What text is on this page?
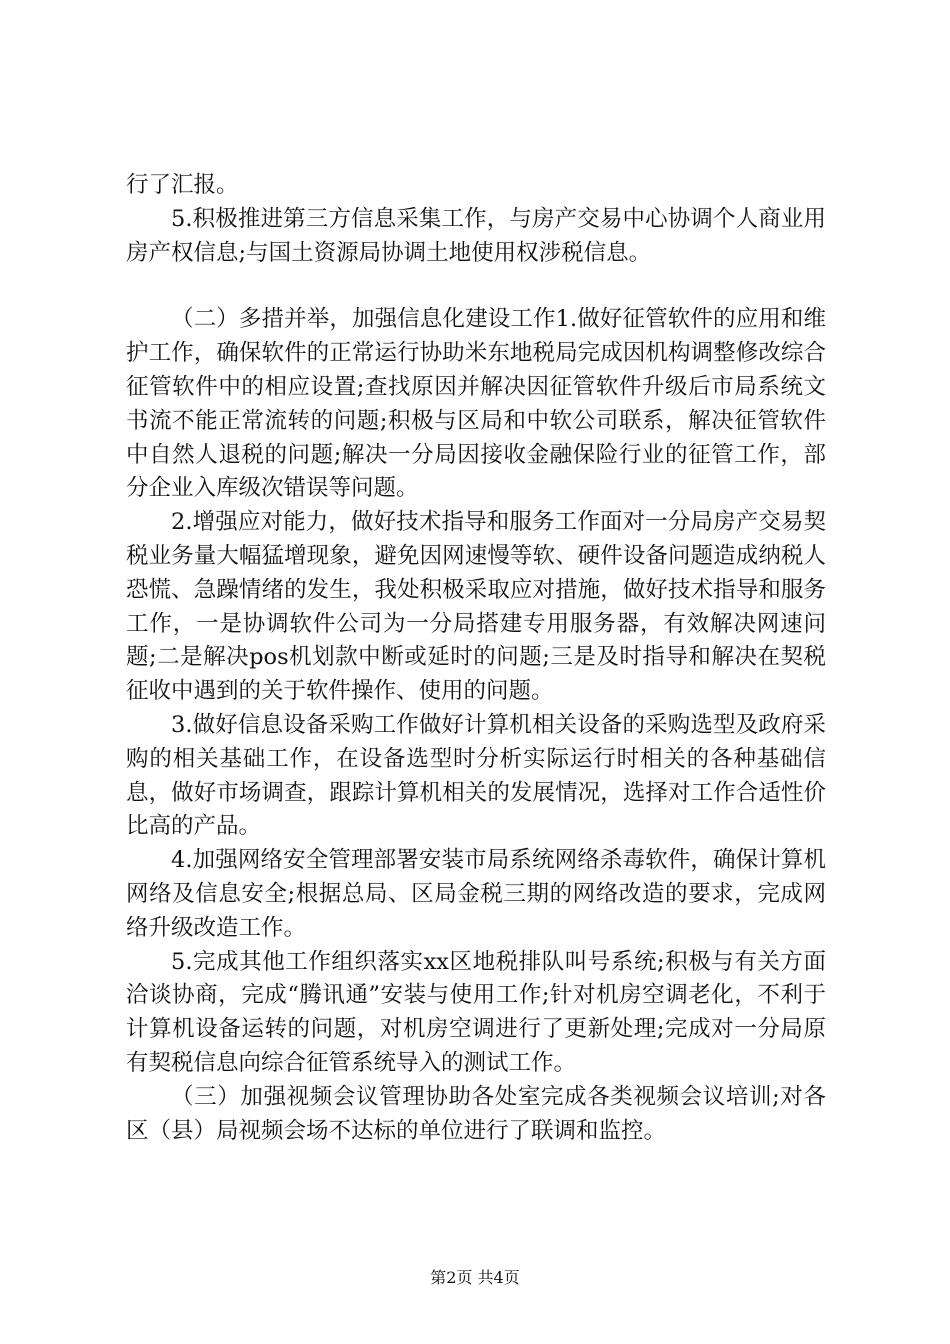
行了汇报。

5.积极推进第三方信息采集工作，与房产交易中心协调个人商业用房产权信息;与国土资源局协调土地使用权涉税信息。

（二）多措并举，加强信息化建设工作1.做好征管软件的应用和维护工作，确保软件的正常运行协助米东地税局完成因机构调整修改综合征管软件中的相应设置;查找原因并解决因征管软件升级后市局系统文书流不能正常流转的问题;积极与区局和中软公司联系，解决征管软件中自然人退税的问题;解决一分局因接收金融保险行业的征管工作，部分企业入库级次错误等问题。

2.增强应对能力，做好技术指导和服务工作面对一分局房产交易契税业务量大幅猛增现象，避免因网速慢等软、硬件设备问题造成纳税人恐慌、急躁情绪的发生，我处积极采取应对措施，做好技术指导和服务工作，一是协调软件公司为一分局搭建专用服务器，有效解决网速问题;二是解决pos机划款中断或延时的问题;三是及时指导和解决在契税征收中遇到的关于软件操作、使用的问题。

3.做好信息设备采购工作做好计算机相关设备的采购选型及政府采购的相关基础工作，在设备选型时分析实际运行时相关的各种基础信息，做好市场调查，跟踪计算机相关的发展情况，选择对工作合适性价比高的产品。

4.加强网络安全管理部署安装市局系统网络杀毒软件，确保计算机网络及信息安全;根据总局、区局金税三期的网络改造的要求，完成网络升级改造工作。

5.完成其他工作组织落实xx区地税排队叫号系统;积极与有关方面洽谈协商，完成“腾讯通”安装与使用工作;针对机房空调老化，不利于计算机设备运转的问题，对机房空调进行了更新处理;完成对一分局原有契税信息向综合征管系统导入的测试工作。

（三）加强视频会议管理协助各处室完成各类视频会议培训;对各区（县）局视频会场不达标的单位进行了联调和监控。

第2页 共4页
